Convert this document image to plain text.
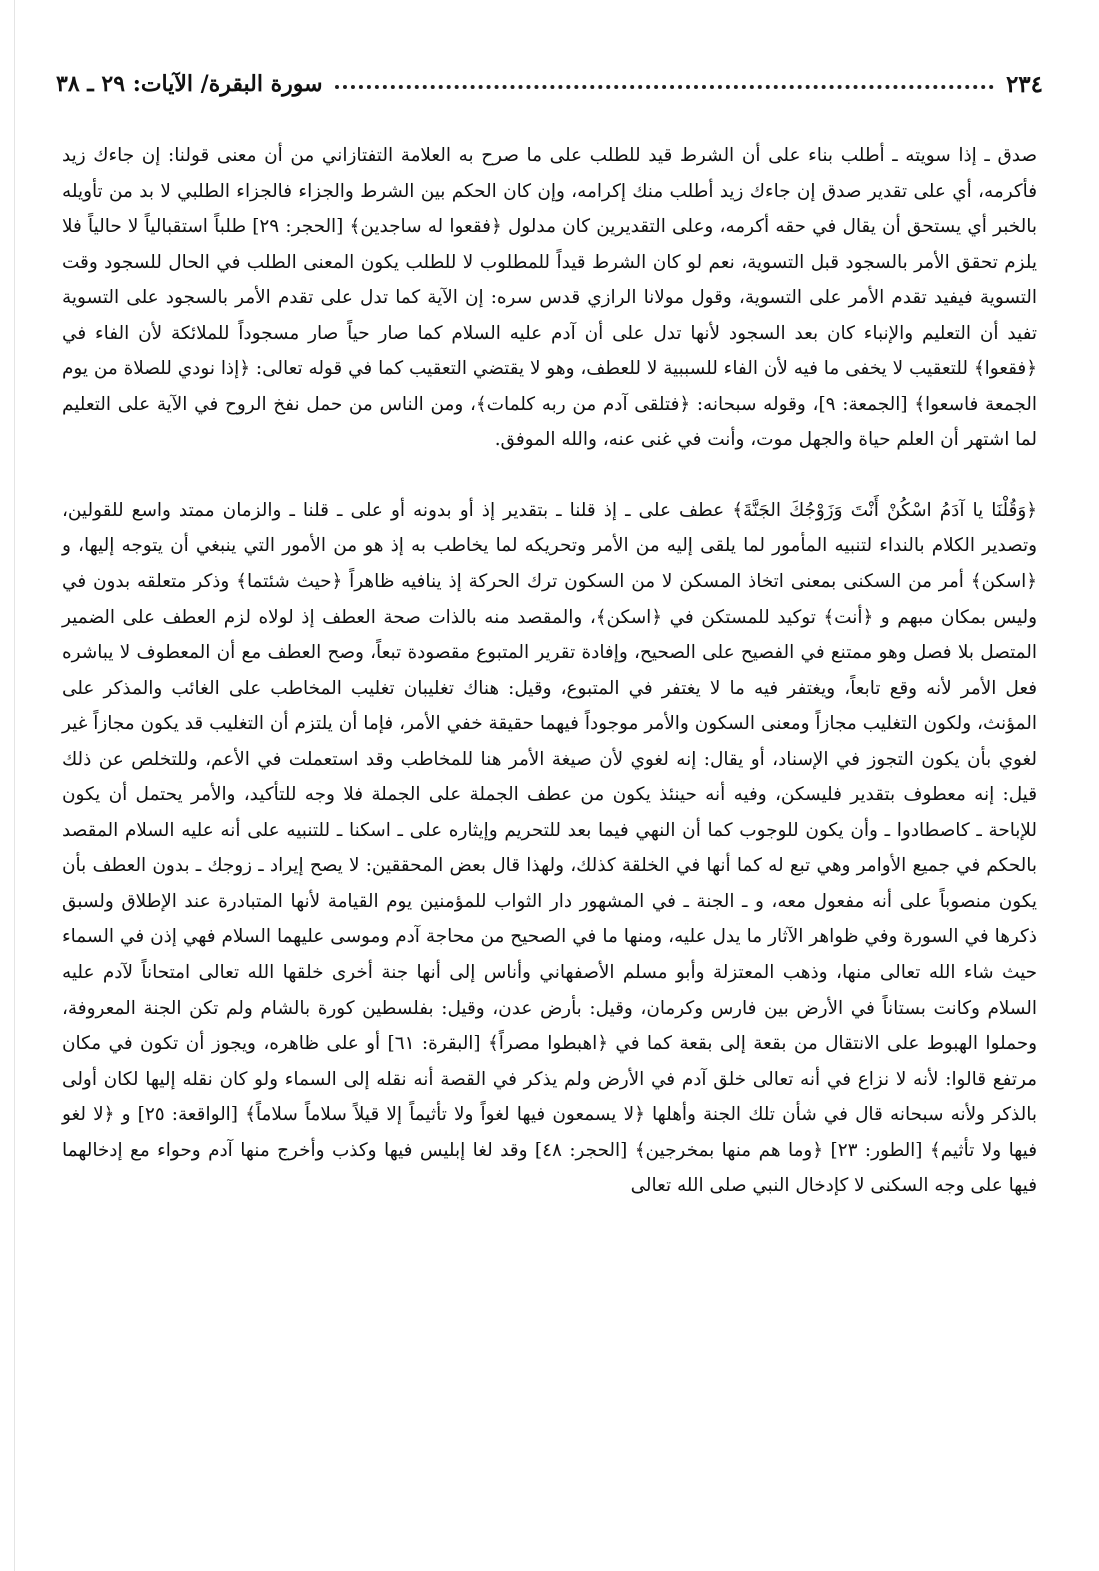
٢٣٤
سورة البقرة/ الآيات: ٢٩ ـ ٣٨

صدق ـ إذا سويته ـ أطلب بناء على أن الشرط قيد للطلب على ما صرح به العلامة التفتازاني من أن معنى قولنا: إن جاءك زيد فأكرمه، أي على تقدير صدق إن جاءك زيد أطلب منك إكرامه، وإن كان الحكم بين الشرط والجزاء فالجزاء الطلبي لا بد من تأويله بالخبر أي يستحق أن يقال في حقه أكرمه، وعلى التقديرين كان مدلول ﴿فقعوا له ساجدين﴾ [الحجر: ٢٩] طلباً استقبالياً لا حالياً فلا يلزم تحقق الأمر بالسجود قبل التسوية، نعم لو كان الشرط قيداً للمطلوب لا للطلب يكون المعنى الطلب في الحال للسجود وقت التسوية فيفيد تقدم الأمر على التسوية، وقول مولانا الرازي قدس سره: إن الآية كما تدل على تقدم الأمر بالسجود على التسوية تفيد أن التعليم والإنباء كان بعد السجود لأنها تدل على أن آدم عليه السلام كما صار حياً صار مسجوداً للملائكة لأن الفاء في ﴿فقعوا﴾ للتعقيب لا يخفى ما فيه لأن الفاء للسببية لا للعطف، وهو لا يقتضي التعقيب كما في قوله تعالى: ﴿إذا نودي للصلاة من يوم الجمعة فاسعوا﴾ [الجمعة: ٩]، وقوله سبحانه: ﴿فتلقى آدم من ربه كلمات﴾، ومن الناس من حمل نفخ الروح في الآية على التعليم لما اشتهر أن العلم حياة والجهل موت، وأنت في غنى عنه، والله الموفق.

﴿وَقُلْنَا يا آدَمُ اسْكُنْ أَنْتَ وَزَوْجُكَ الجَنَّةَ﴾ عطف على ـ إذ قلنا ـ بتقدير إذ أو بدونه أو على ـ قلنا ـ والزمان ممتد واسع للقولين، وتصدير الكلام بالنداء لتنبيه المأمور لما يلقى إليه من الأمر وتحريكه لما يخاطب به إذ هو من الأمور التي ينبغي أن يتوجه إليها، و ﴿اسكن﴾ أمر من السكنى بمعنى اتخاذ المسكن لا من السكون ترك الحركة إذ ينافيه ظاهراً ﴿حيث شئتما﴾ وذكر متعلقه بدون في وليس بمكان مبهم و ﴿أنت﴾ توكيد للمستكن في ﴿اسكن﴾، والمقصد منه بالذات صحة العطف إذ لولاه لزم العطف على الضمير المتصل بلا فصل وهو ممتنع في الفصيح على الصحيح، وإفادة تقرير المتبوع مقصودة تبعاً، وصح العطف مع أن المعطوف لا يباشره فعل الأمر لأنه وقع تابعاً، ويغتفر فيه ما لا يغتفر في المتبوع، وقيل: هناك تغليبان تغليب المخاطب على الغائب والمذكر على المؤنث، ولكون التغليب مجازاً ومعنى السكون والأمر موجوداً فيهما حقيقة خفي الأمر، فإما أن يلتزم أن التغليب قد يكون مجازاً غير لغوي بأن يكون التجوز في الإسناد، أو يقال: إنه لغوي لأن صيغة الأمر هنا للمخاطب وقد استعملت في الأعم، وللتخلص عن ذلك قيل: إنه معطوف بتقدير فليسكن، وفيه أنه حينئذ يكون من عطف الجملة على الجملة فلا وجه للتأكيد، والأمر يحتمل أن يكون للإباحة ـ كاصطادوا ـ وأن يكون للوجوب كما أن النهي فيما بعد للتحريم وإيثاره على ـ اسكنا ـ للتنبيه على أنه عليه السلام المقصد بالحكم في جميع الأوامر وهي تبع له كما أنها في الخلقة كذلك، ولهذا قال بعض المحققين: لا يصح إيراد ـ زوجك ـ بدون العطف بأن يكون منصوباً على أنه مفعول معه، و ـ الجنة ـ في المشهور دار الثواب للمؤمنين يوم القيامة لأنها المتبادرة عند الإطلاق ولسبق ذكرها في السورة وفي ظواهر الآثار ما يدل عليه، ومنها ما في الصحيح من محاجة آدم وموسى عليهما السلام فهي إذن في السماء حيث شاء الله تعالى منها، وذهب المعتزلة وأبو مسلم الأصفهاني وأناس إلى أنها جنة أخرى خلقها الله تعالى امتحاناً لآدم عليه السلام وكانت بستاناً في الأرض بين فارس وكرمان، وقيل: بأرض عدن، وقيل: بفلسطين كورة بالشام ولم تكن الجنة المعروفة، وحملوا الهبوط على الانتقال من بقعة إلى بقعة كما في ﴿اهبطوا مصراً﴾ [البقرة: ٦١] أو على ظاهره، ويجوز أن تكون في مكان مرتفع قالوا: لأنه لا نزاع في أنه تعالى خلق آدم في الأرض ولم يذكر في القصة أنه نقله إلى السماء ولو كان نقله إليها لكان أولى بالذكر ولأنه سبحانه قال في شأن تلك الجنة وأهلها ﴿لا يسمعون فيها لغواً ولا تأثيماً إلا قيلاً سلاماً سلاماً﴾ [الواقعة: ٢٥] و ﴿لا لغو فيها ولا تأثيم﴾ [الطور: ٢٣] ﴿وما هم منها بمخرجين﴾ [الحجر: ٤٨] وقد لغا إبليس فيها وكذب وأخرج منها آدم وحواء مع إدخالهما فيها على وجه السكنى لا كإدخال النبي صلى الله تعالى
